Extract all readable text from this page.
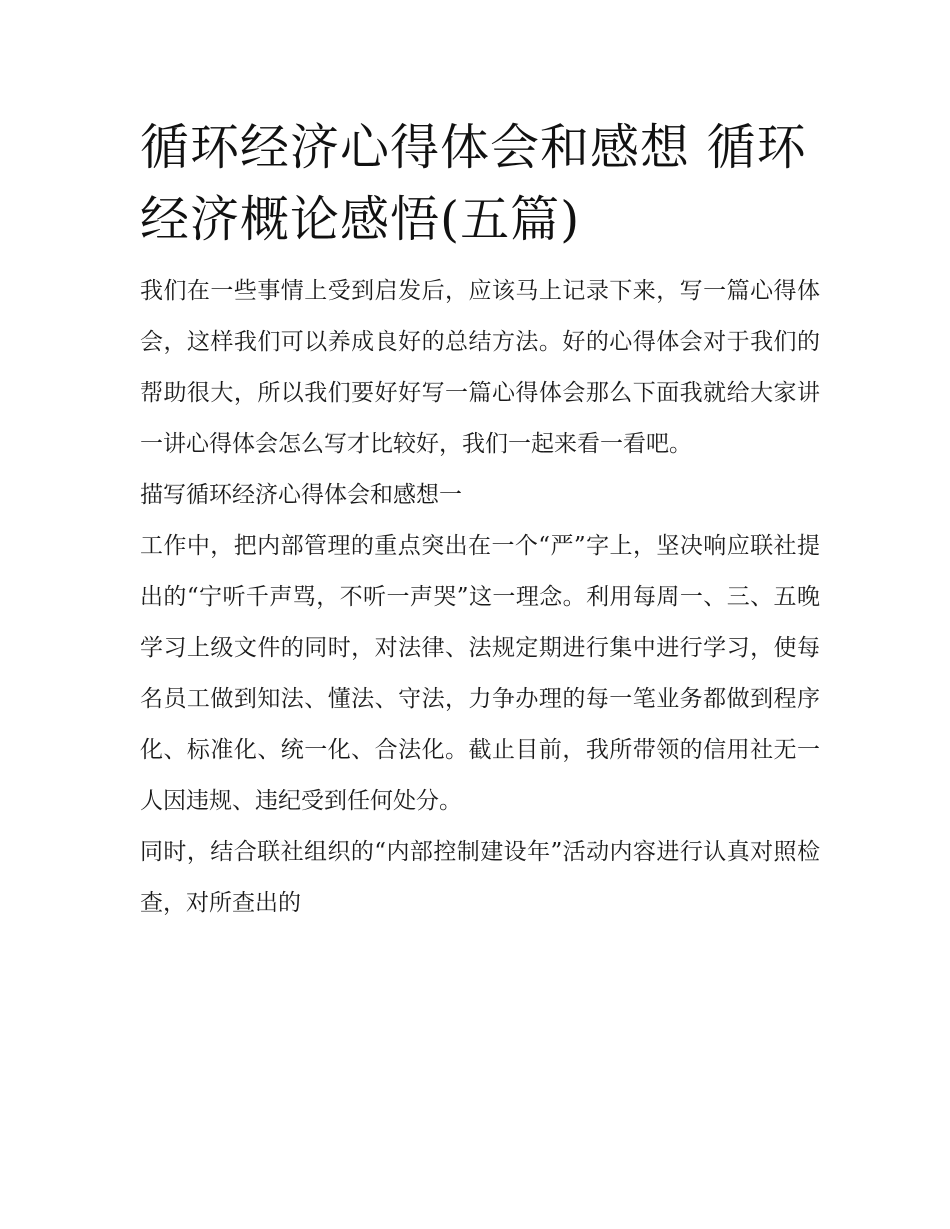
循环经济心得体会和感想 循环经济概论感悟(五篇)

我们在一些事情上受到启发后，应该马上记录下来，写一篇心得体会，这样我们可以养成良好的总结方法。好的心得体会对于我们的帮助很大，所以我们要好好写一篇心得体会那么下面我就给大家讲一讲心得体会怎么写才比较好，我们一起来看一看吧。

描写循环经济心得体会和感想一

工作中，把内部管理的重点突出在一个“严”字上，坚决响应联社提出的“宁听千声骂，不听一声哭”这一理念。利用每周一、三、五晚学习上级文件的同时，对法律、法规定期进行集中进行学习，使每名员工做到知法、懂法、守法，力争办理的每一笔业务都做到程序化、标准化、统一化、合法化。截止目前，我所带领的信用社无一人因违规、违纪受到任何处分。

同时，结合联社组织的“内部控制建设年”活动内容进行认真对照检查，对所查出的
